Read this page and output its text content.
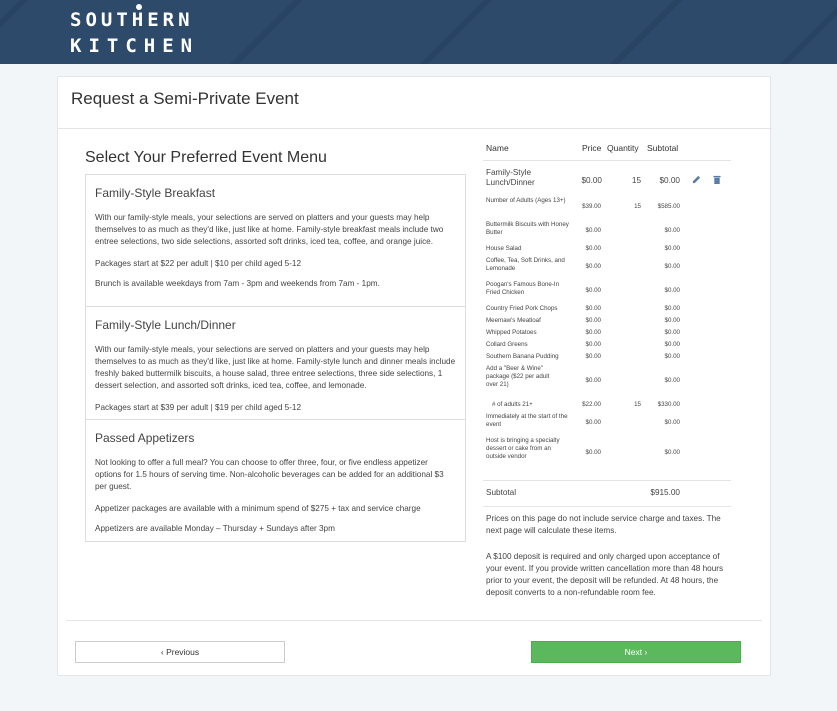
SOUTHERN
KITCHEN
Request a Semi-Private Event
Select Your Preferred Event Menu
Family-Style Breakfast

With our family-style meals, your selections are served on platters and your guests may help themselves to as much as they'd like, just like at home. Family-style breakfast meals include two entree selections, two side selections, assorted soft drinks, iced tea, coffee, and orange juice.

Packages start at $22 per adult | $10 per child aged 5-12

Brunch is available weekdays from 7am - 3pm and weekends from 7am - 1pm.

Family-Style Lunch/Dinner

With our family-style meals, your selections are served on platters and your guests may help themselves to as much as they'd like, just like at home. Family-style lunch and dinner meals include freshly baked buttermilk biscuits, a house salad, three entree selections, three side selections, 1 dessert selection, and assorted soft drinks, iced tea, coffee, and lemonade.

Packages start at $39 per adult | $19 per child aged 5-12

Passed Appetizers

Not looking to offer a full meal? You can choose to offer three, four, or five endless appetizer options for 1.5 hours of serving time. Non-alcoholic beverages can be added for an additional $3 per guest.

Appetizer packages are available with a minimum spend of $275 + tax and service charge

Appetizers are available Monday – Thursday + Sundays after 3pm

Name	Price Quantity Subtotal
Family-Style Lunch/Dinner	$0.00	15	$0.00
Number of Adults (Ages 13+)
$39.00	15	$585.00
Buttermilk Biscuits with Honey Butter	$0.00	$0.00
House Salad	$0.00	$0.00
Coffee, Tea, Soft Drinks, and Lemonade	$0.00	$0.00
Poogan's Famous Bone-In Fried Chicken	$0.00	$0.00
Country Fried Pork Chops	$0.00	$0.00
Meemaw's Meatloaf	$0.00	$0.00
Whipped Potatoes	$0.00	$0.00
Collard Greens	$0.00	$0.00
Southern Banana Pudding	$0.00	$0.00
Add a "Beer & Wine" package ($22 per adult over 21)
$0.00	$0.00
# of adults 21+	$22.00	15	$330.00
Immediately at the start of the event	$0.00	$0.00
Host is bringing a specialty dessert or cake from an outside vendor
$0.00	$0.00
Subtotal	$915.00
Prices on this page do not include service charge and taxes. The next page will calculate these items.
A $100 deposit is required and only charged upon acceptance of your event. If you provide written cancellation more than 48 hours prior to your event, the deposit will be refunded. At 48 hours, the deposit converts to a non-refundable room fee.
‹ Previous	Next ›
